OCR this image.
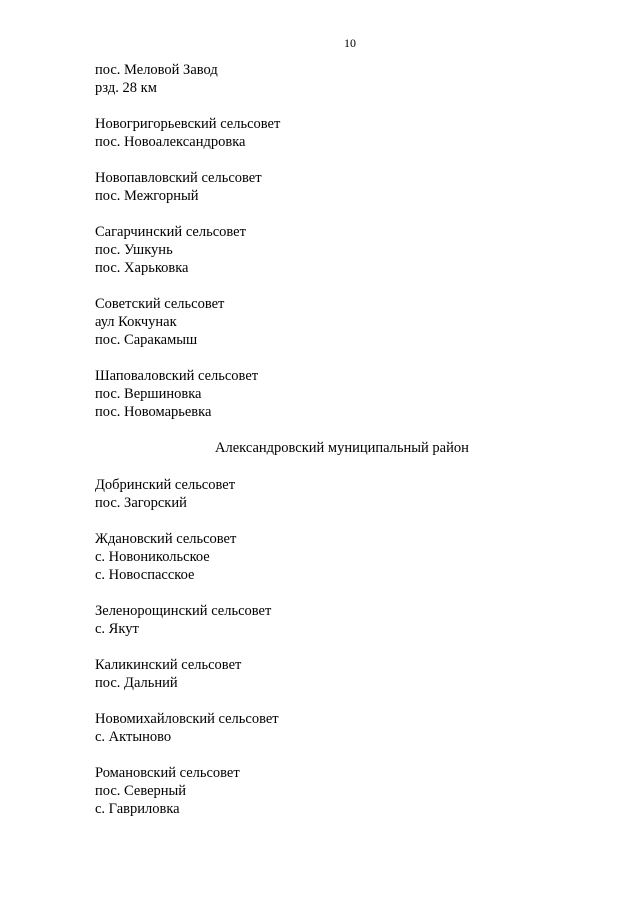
10
пос. Меловой Завод
рзд. 28 км
Новогригорьевский сельсовет
пос. Новоалександровка
Новопавловский сельсовет
пос. Межгорный
Сагарчинский сельсовет
пос. Ушкунь
пос. Харьковка
Советский сельсовет
аул Кокчунак
пос. Саракамыш
Шаповаловский сельсовет
пос. Вершиновка
пос. Новомарьевка
Александровский муниципальный район
Добринский сельсовет
пос. Загорский
Ждановский сельсовет
с. Новоникольское
с. Новоспасское
Зеленорощинский сельсовет
с. Якут
Каликинский сельсовет
пос. Дальний
Новомихайловский сельсовет
с. Актыново
Романовский сельсовет
пос. Северный
с. Гавриловка
